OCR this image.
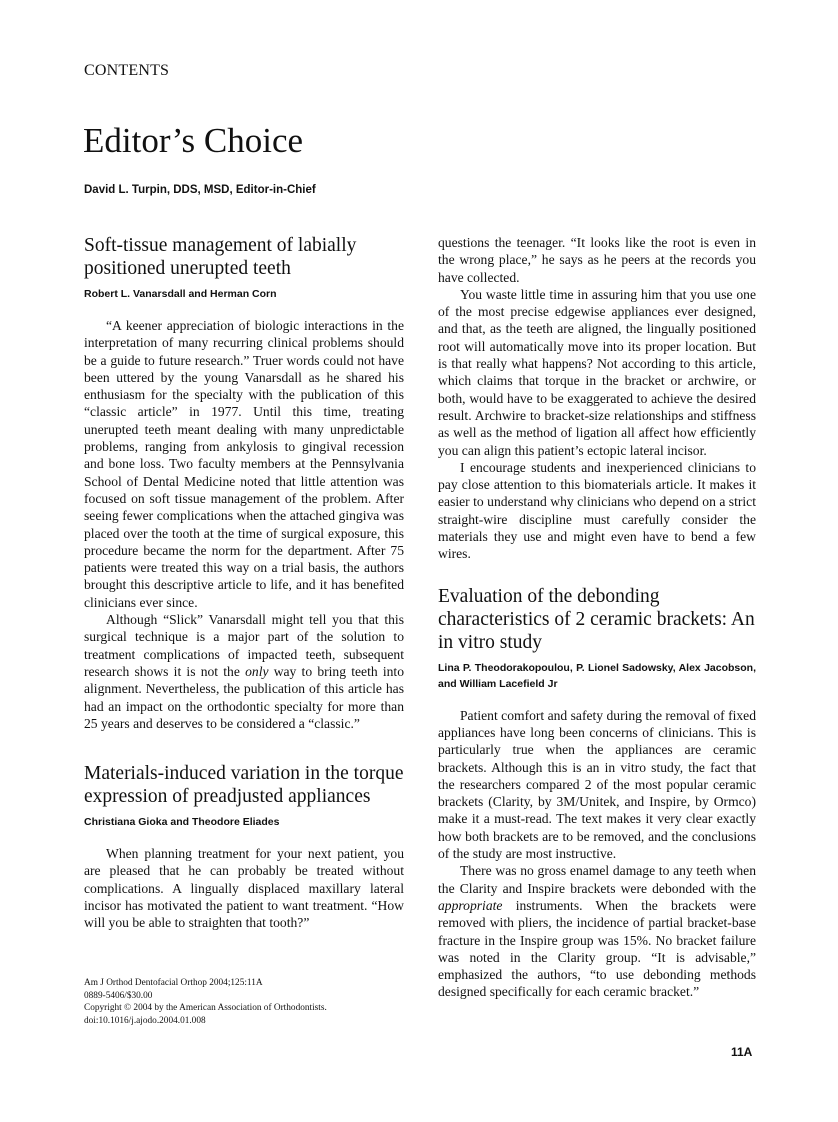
CONTENTS
Editor’s Choice
David L. Turpin, DDS, MSD, Editor-in-Chief
Soft-tissue management of labially positioned unerupted teeth
Robert L. Vanarsdall and Herman Corn

“A keener appreciation of biologic interactions in the interpretation of many recurring clinical problems should be a guide to future research.” Truer words could not have been uttered by the young Vanarsdall as he shared his enthusiasm for the specialty with the publication of this “classic article” in 1977. Until this time, treating unerupted teeth meant dealing with many unpredictable problems, ranging from ankylosis to gingival recession and bone loss. Two faculty members at the Pennsylvania School of Dental Medicine noted that little attention was focused on soft tissue management of the problem. After seeing fewer complications when the attached gingiva was placed over the tooth at the time of surgical exposure, this procedure became the norm for the department. After 75 patients were treated this way on a trial basis, the authors brought this descriptive article to life, and it has benefited clinicians ever since.

Although “Slick” Vanarsdall might tell you that this surgical technique is a major part of the solution to treatment complications of impacted teeth, subsequent research shows it is not the only way to bring teeth into alignment. Nevertheless, the publication of this article has had an impact on the orthodontic specialty for more than 25 years and deserves to be considered a “classic.”

Materials-induced variation in the torque expression of preadjusted appliances
Christiana Gioka and Theodore Eliades

When planning treatment for your next patient, you are pleased that he can probably be treated without complications. A lingually displaced maxillary lateral incisor has motivated the patient to want treatment. “How will you be able to straighten that tooth?”

questions the teenager. “It looks like the root is even in the wrong place,” he says as he peers at the records you have collected.

You waste little time in assuring him that you use one of the most precise edgewise appliances ever designed, and that, as the teeth are aligned, the lingually positioned root will automatically move into its proper location. But is that really what happens? Not according to this article, which claims that torque in the bracket or archwire, or both, would have to be exaggerated to achieve the desired result. Archwire to bracket-size relationships and stiffness as well as the method of ligation all affect how efficiently you can align this patient’s ectopic lateral incisor.

I encourage students and inexperienced clinicians to pay close attention to this biomaterials article. It makes it easier to understand why clinicians who depend on a strict straight-wire discipline must carefully consider the materials they use and might even have to bend a few wires.

Evaluation of the debonding characteristics of 2 ceramic brackets: An in vitro study
Lina P. Theodorakopoulou, P. Lionel Sadowsky, Alex Jacobson, and William Lacefield Jr

Patient comfort and safety during the removal of fixed appliances have long been concerns of clinicians. This is particularly true when the appliances are ceramic brackets. Although this is an in vitro study, the fact that the researchers compared 2 of the most popular ceramic brackets (Clarity, by 3M/Unitek, and Inspire, by Ormco) make it a must-read. The text makes it very clear exactly how both brackets are to be removed, and the conclusions of the study are most instructive.

There was no gross enamel damage to any teeth when the Clarity and Inspire brackets were debonded with the appropriate instruments. When the brackets were removed with pliers, the incidence of partial bracket-base fracture in the Inspire group was 15%. No bracket failure was noted in the Clarity group. “It is advisable,” emphasized the authors, “to use debonding methods designed specifically for each ceramic bracket.”

Am J Orthod Dentofacial Orthop 2004;125:11A
0889-5406/$30.00
Copyright © 2004 by the American Association of Orthodontists.
doi:10.1016/j.ajodo.2004.01.008
11A
